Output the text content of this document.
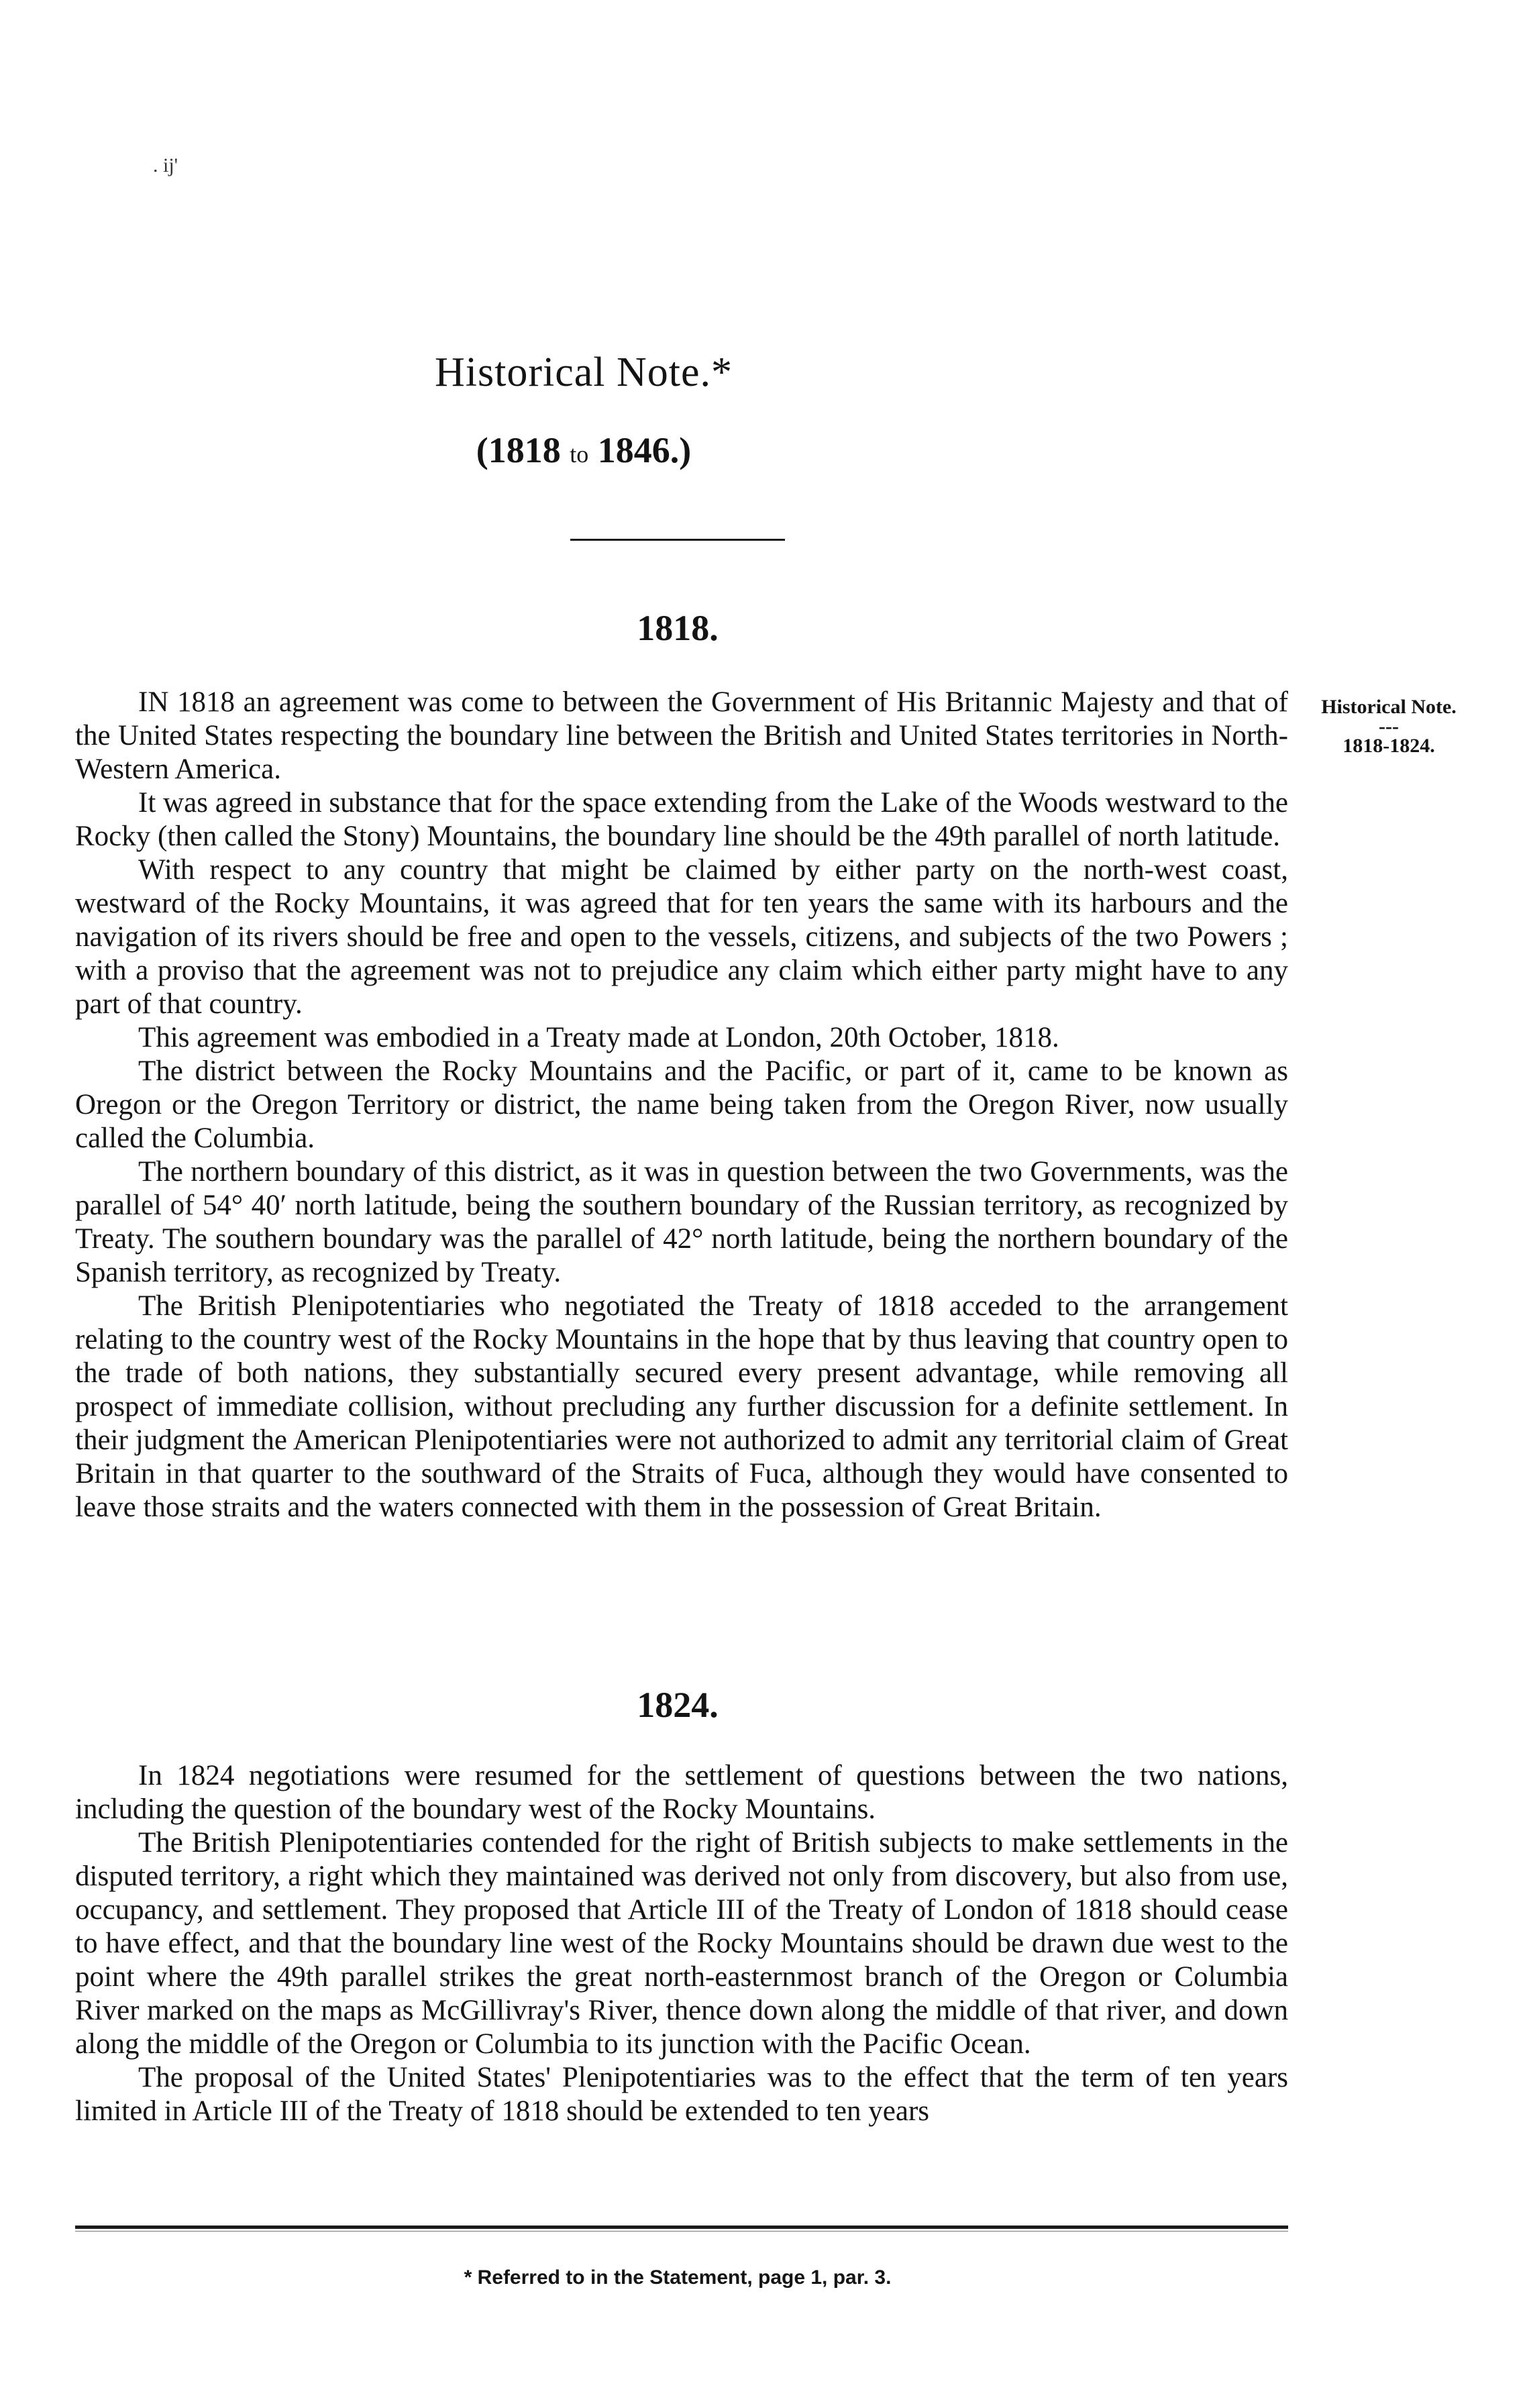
. ij'
Historical Note.*
(1818 to 1846.)
1818.

IN 1818 an agreement was come to between the Government of His Britannic Majesty and that of the United States respecting the boundary line between the British and United States territories in North-Western America.

It was agreed in substance that for the space extending from the Lake of the Woods westward to the Rocky (then called the Stony) Mountains, the boundary line should be the 49th parallel of north latitude.

With respect to any country that might be claimed by either party on the north-west coast, westward of the Rocky Mountains, it was agreed that for ten years the same with its harbours and the navigation of its rivers should be free and open to the vessels, citizens, and subjects of the two Powers ; with a proviso that the agreement was not to prejudice any claim which either party might have to any part of that country.

This agreement was embodied in a Treaty made at London, 20th October, 1818.

The district between the Rocky Mountains and the Pacific, or part of it, came to be known as Oregon or the Oregon Territory or district, the name being taken from the Oregon River, now usually called the Columbia.

The northern boundary of this district, as it was in question between the two Governments, was the parallel of 54° 40′ north latitude, being the southern boundary of the Russian territory, as recognized by Treaty. The southern boundary was the parallel of 42° north latitude, being the northern boundary of the Spanish territory, as recognized by Treaty.

The British Plenipotentiaries who negotiated the Treaty of 1818 acceded to the arrangement relating to the country west of the Rocky Mountains in the hope that by thus leaving that country open to the trade of both nations, they substantially secured every present advantage, while removing all prospect of immediate collision, without precluding any further discussion for a definite settlement. In their judgment the American Plenipotentiaries were not authorized to admit any territorial claim of Great Britain in that quarter to the southward of the Straits of Fuca, although they would have consented to leave those straits and the waters connected with them in the possession of Great Britain.

Historical Note.
---
1818-1824.
1824.

In 1824 negotiations were resumed for the settlement of questions between the two nations, including the question of the boundary west of the Rocky Mountains.

The British Plenipotentiaries contended for the right of British subjects to make settlements in the disputed territory, a right which they maintained was derived not only from discovery, but also from use, occupancy, and settlement. They proposed that Article III of the Treaty of London of 1818 should cease to have effect, and that the boundary line west of the Rocky Mountains should be drawn due west to the point where the 49th parallel strikes the great north-easternmost branch of the Oregon or Columbia River marked on the maps as McGillivray's River, thence down along the middle of that river, and down along the middle of the Oregon or Columbia to its junction with the Pacific Ocean.

The proposal of the United States' Plenipotentiaries was to the effect that the term of ten years limited in Article III of the Treaty of 1818 should be extended to ten years

* Referred to in the Statement, page 1, par. 3.
